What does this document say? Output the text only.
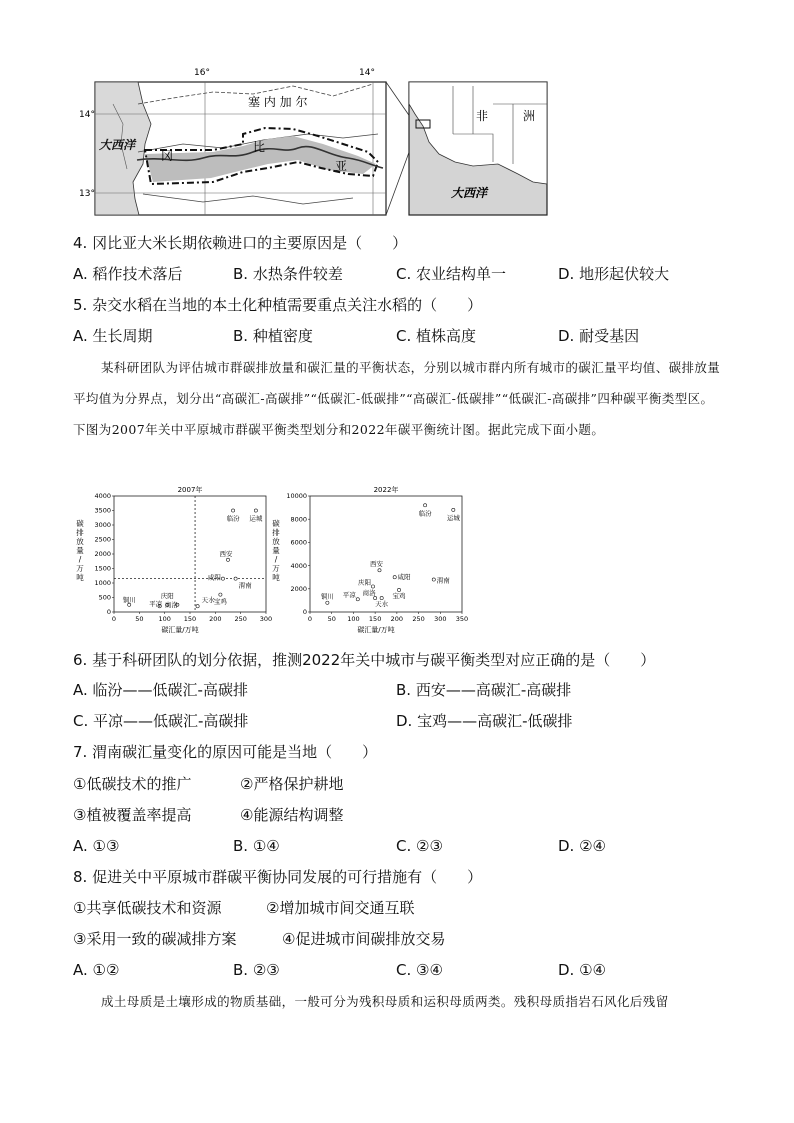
16°	14°
14°
13°
塞 内 加 尔
大西洋
冈
比
亚
非	洲
大西洋
4. 冈比亚大米长期依赖进口的主要原因是（　　）
A. 稻作技术落后	B. 水热条件较差	C. 农业结构单一	D. 地形起伏较大
5. 杂交水稻在当地的本土化种植需要重点关注水稻的（　　）
A. 生长周期	B. 种植密度	C. 植株高度	D. 耐受基因
某科研团队为评估城市群碳排放量和碳汇量的平衡状态，分别以城市群内所有城市的碳汇量平均值、碳排放量平均值为分界点，划分出“高碳汇-高碳排”“低碳汇-低碳排”“高碳汇-低碳排”“低碳汇-高碳排”四种碳平衡类型区。下图为2007年关中平原城市群碳平衡类型划分和2022年碳平衡统计图。据此完成下面小题。
2007年
0	50 100 150 200 250 300
0
500
1000
1500
2000
2500
3000
3500
4000
碳汇量/万吨
碳
排
放
量
/
万
吨
临汾 运城
西安
咸阳
渭南
宝鸡
铜川
平凉
庆阳
商洛
天水
2022年
0 50 100 150 200 250 300 350
0
2000
4000
6000
8000
10000
碳汇量/万吨
碳
排
放
量
/
万
吨
临汾
运城
西安
咸阳	渭南
庆阳
宝鸡
商洛
天水
平凉
铜川
6. 基于科研团队的划分依据，推测2022年关中城市与碳平衡类型对应正确的是（　　）
A. 临汾——低碳汇-高碳排	B. 西安——高碳汇-高碳排
C. 平凉——低碳汇-高碳排	D. 宝鸡——高碳汇-低碳排
7. 渭南碳汇量变化的原因可能是当地（　　）
①低碳技术的推广	②严格保护耕地
③植被覆盖率提高	④能源结构调整
A. ①③	B. ①④	C. ②③	D. ②④
8. 促进关中平原城市群碳平衡协同发展的可行措施有（　　）
①共享低碳技术和资源	②增加城市间交通互联
③采用一致的碳减排方案	④促进城市间碳排放交易
A. ①②	B. ②③	C. ③④	D. ①④
成土母质是土壤形成的物质基础，一般可分为残积母质和运积母质两类。残积母质指岩石风化后残留
